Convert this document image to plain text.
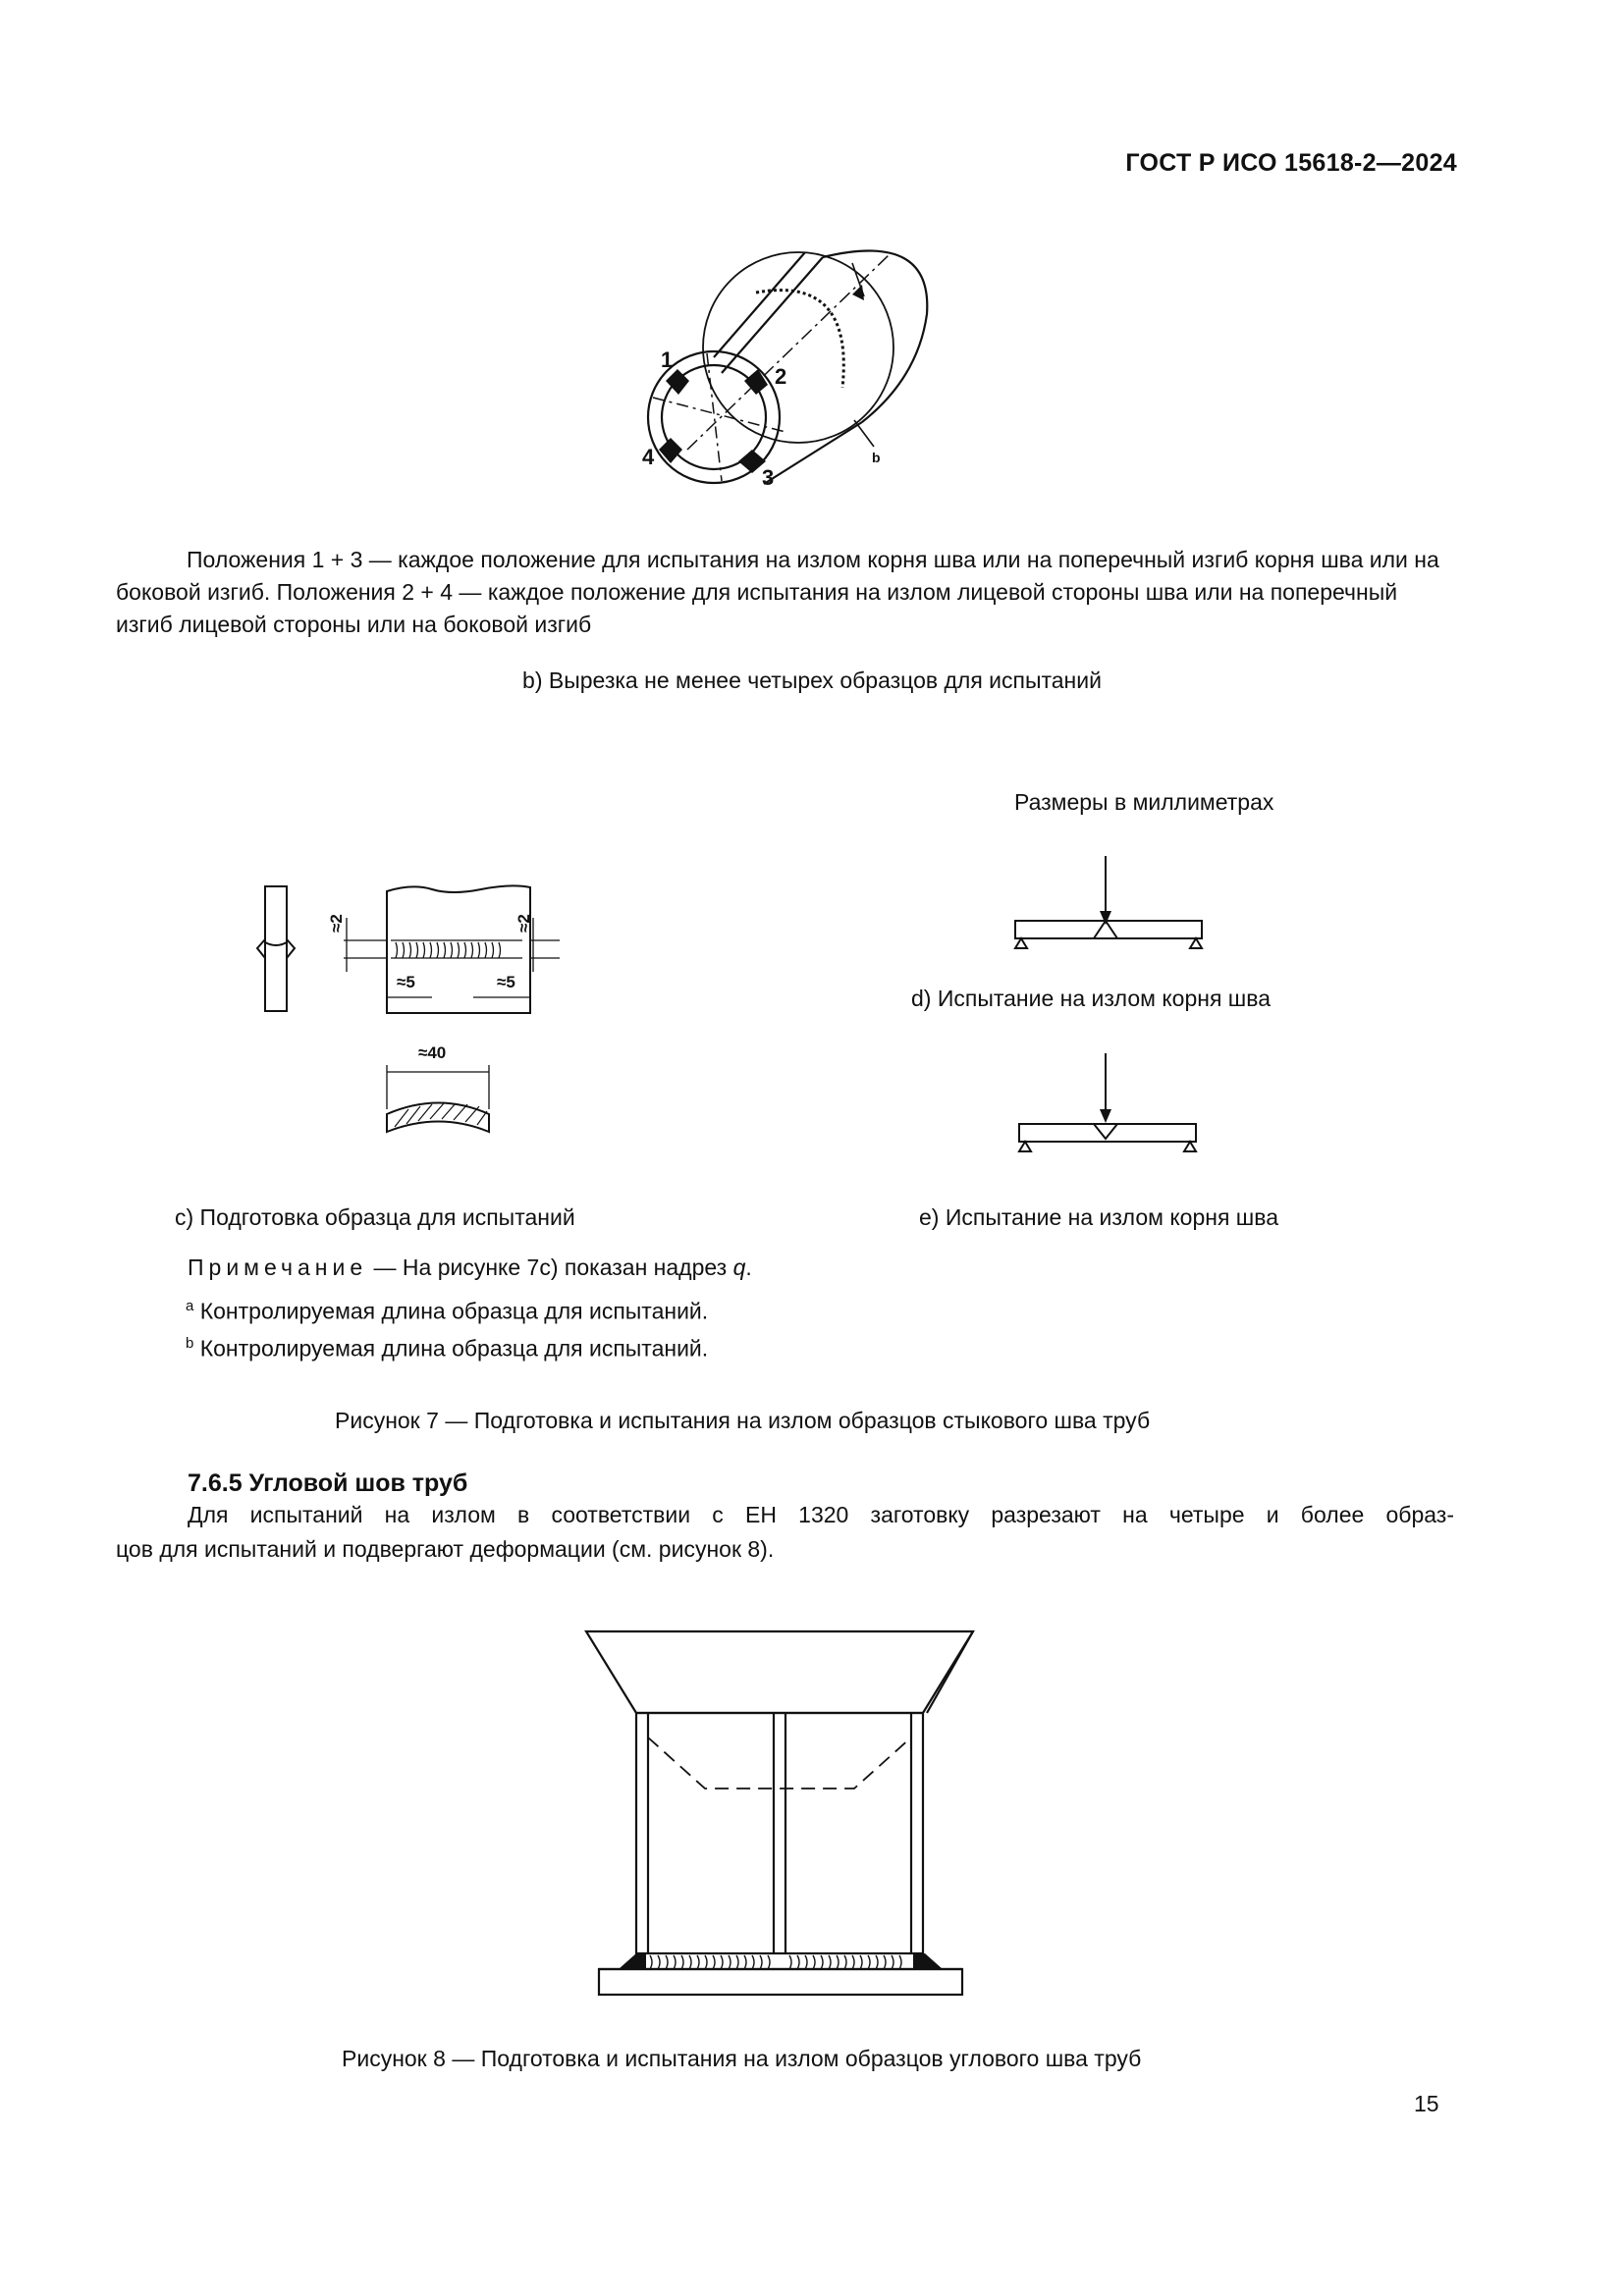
ГОСТ Р ИСО 15618-2—2024
1
2
3
4	b
Положения 1 + 3 — каждое положение для испытания на излом корня шва или на поперечный изгиб корня шва или на боковой изгиб. Положения 2 + 4 — каждое положение для испытания на излом лицевой стороны шва или на поперечный изгиб лицевой стороны или на боковой изгиб
b) Вырезка не менее четырех образцов для испытаний
Размеры в миллиметрах
≈2	≈2
≈5	≈5
≈40
d) Испытание на излом корня шва
c) Подготовка образца для испытаний	e) Испытание на излом корня шва
Примечание — На рисунке 7c) показан надрез q.
$^a$ Контролируемая длина образца для испытаний.
$^b$ Контролируемая длина образца для испытаний.
Рисунок 7 — Подготовка и испытания на излом образцов стыкового шва труб
7.6.5 Угловой шов труб
Для испытаний на излом в соответствии с ЕН 1320 заготовку разрезают на четыре и более образ-
цов для испытаний и подвергают деформации (см. рисунок 8).
Рисунок 8 — Подготовка и испытания на излом образцов углового шва труб
15
